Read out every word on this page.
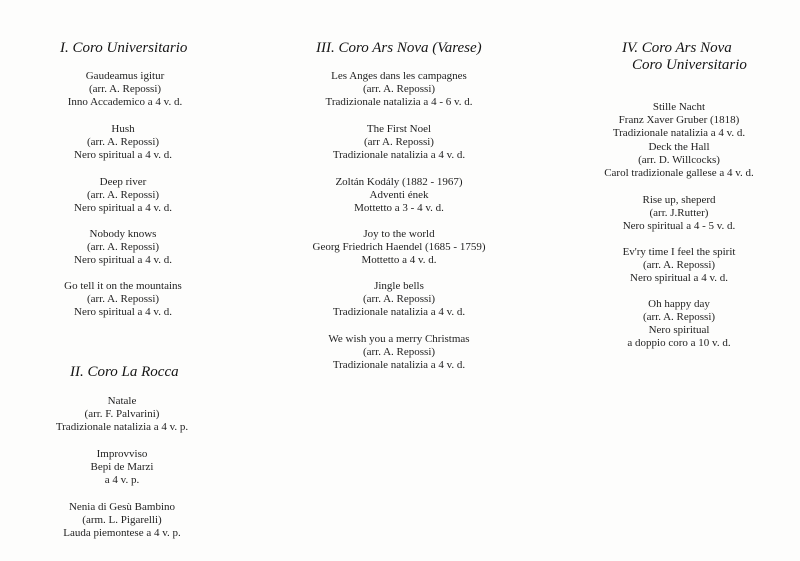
I. Coro Universitario
Gaudeamus igitur
(arr. A. Repossi)
Inno Accademico a 4 v. d.
Hush
(arr. A. Repossi)
Nero spiritual a 4 v. d.
Deep river
(arr. A. Repossi)
Nero spiritual a 4 v. d.
Nobody knows
(arr. A. Repossi)
Nero spiritual a 4 v. d.
Go tell it on the mountains
(arr. A. Repossi)
Nero spiritual a 4 v. d.
II. Coro La Rocca
Natale
(arr. F. Palvarini)
Tradizionale natalizia a 4 v. p.
Improvviso
Bepi de Marzi
a 4 v. p.
Nenia di Gesù Bambino
(arm. L. Pigarelli)
Lauda piemontese a 4 v. p.
III. Coro Ars Nova (Varese)
Les Anges dans les campagnes
(arr. A. Repossi)
Tradizionale natalizia a 4 - 6 v. d.
The First Noel
(arr A. Repossi)
Tradizionale natalizia a 4 v. d.
Zoltán Kodály (1882 - 1967)
Adventi ének
Mottetto a 3 - 4 v. d.
Joy to the world
Georg Friedrich Haendel (1685 - 1759)
Mottetto a 4 v. d.
Jingle bells
(arr. A. Repossi)
Tradizionale natalizia a 4 v. d.
We wish you a merry Christmas
(arr. A. Repossi)
Tradizionale natalizia a 4 v. d.
IV. Coro Ars Nova
Coro Universitario
Stille Nacht
Franz Xaver Gruber (1818)
Tradizionale natalizia a 4 v. d.
Deck the Hall
(arr. D. Willcocks)
Carol tradizionale gallese a 4 v. d.
Rise up, sheperd
(arr. J.Rutter)
Nero spiritual a 4 - 5 v. d.
Ev'ry time I feel the spirit
(arr. A. Repossi)
Nero spiritual a 4 v. d.
Oh happy day
(arr. A. Repossi)
Nero spiritual
a doppio coro a 10 v. d.
